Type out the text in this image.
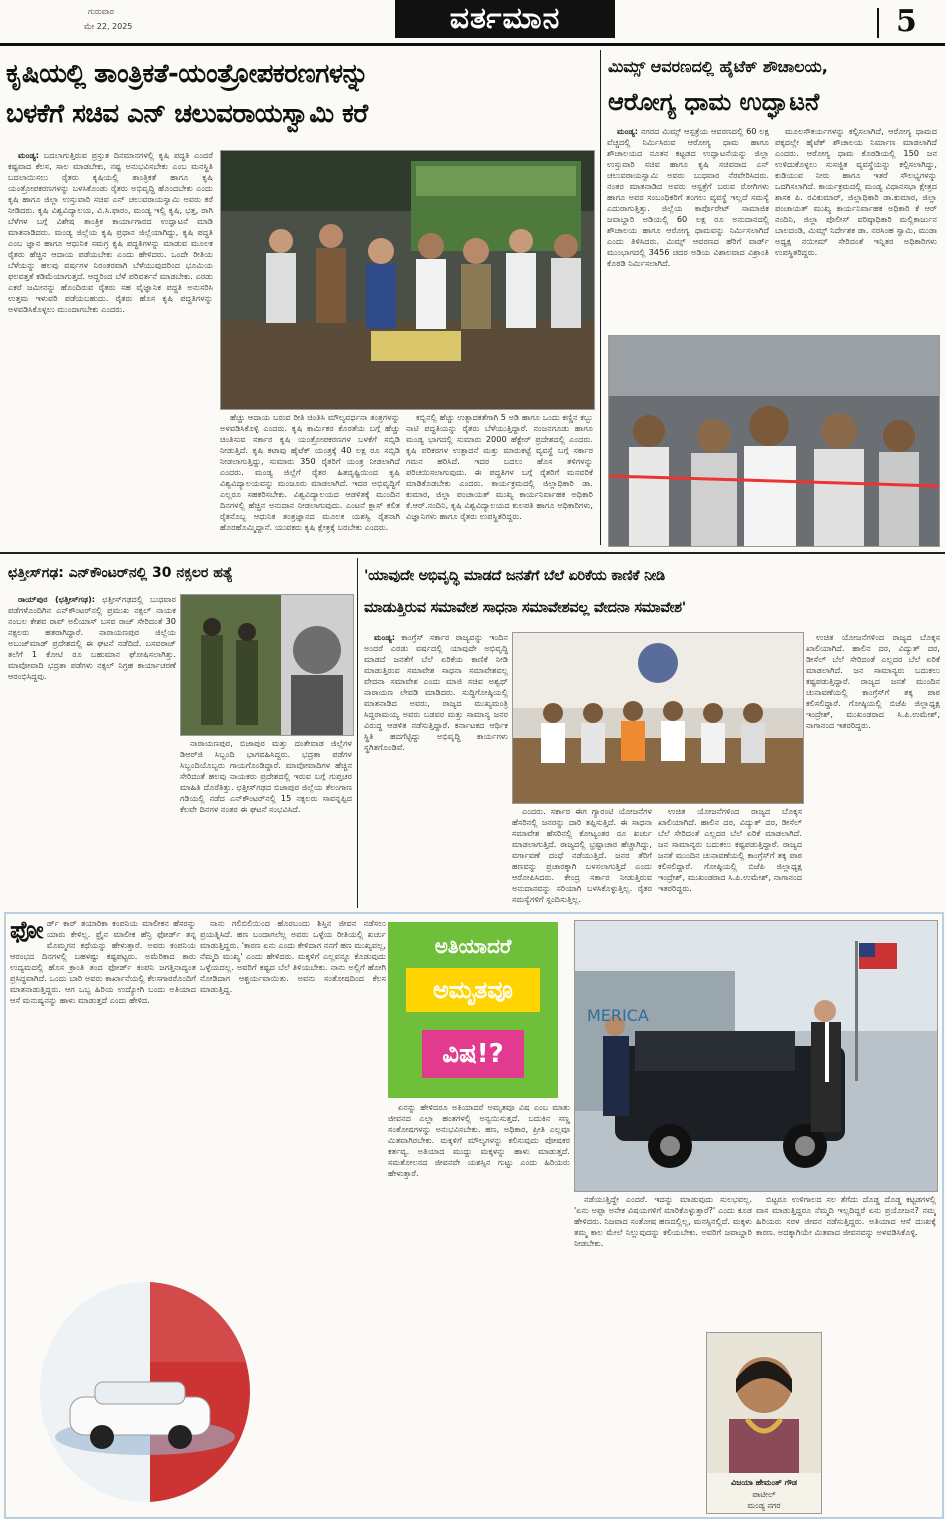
ಗುರುವಾರ
ಮೇ 22, 2025	ವರ್ತಮಾನ	5
ಕೃಷಿಯಲ್ಲಿ ತಾಂತ್ರಿಕತೆ-ಯಂತ್ರೋಪಕರಣಗಳನ್ನು
ಬಳಕೆಗೆ ಸಚಿವ ಎನ್ ಚಲುವರಾಯಸ್ವಾಮಿ ಕರೆ

ಮಂಡ್ಯ: ಬದಲಾಗುತ್ತಿರುವ ಪ್ರಸ್ತುತ ದಿನಮಾನಗಳಲ್ಲಿ ಕೃಷಿ ಪದ್ಧತಿ ಎಂದರೆ ಕಷ್ಟವಾದ ಕೆಲಸ, ಸಾಲ ಮಾಡಬೇಕು, ನಷ್ಟ ಅನುಭವಿಸಬೇಕು ಎಂಬ ಮನಸ್ಥಿತಿ ಬದಲಾಯಿಸಲು ರೈತರು ಕೃಷಿಯಲ್ಲಿ ತಾಂತ್ರಿಕತೆ ಹಾಗೂ ಕೃಷಿ ಯಂತ್ರೋಪಕರಣಗಳನ್ನು ಬಳಸಿಕೊಂಡು ರೈತರು ಅಭಿವೃದ್ಧಿ ಹೊಂದಬೇಕು ಎಂದು ಕೃಷಿ ಹಾಗೂ ಜಿಲ್ಲಾ ಉಸ್ತುವಾರಿ ಸಚಿವ ಎನ್ ಚಲುವರಾಯಸ್ವಾಮಿ ಅವರು ಕರೆ ನೀಡಿದರು. ಕೃಷಿ ವಿಶ್ವವಿದ್ಯಾಲಯ, ವಿ.ಸಿ.ಫಾರಂ, ಮಂಡ್ಯ ಇಲ್ಲಿ ಕೃಷಿ, ಭತ್ತ, ರಾಗಿ ಬೆಳೆಗಳ ಬಗ್ಗೆ ವಿಶೇಷ ತಾಂತ್ರಿಕ ಕಾರ್ಯಾಗಾರದ ಉದ್ಘಾಟನೆ ಮಾಡಿ ಮಾತನಾಡಿದರು. ಮಂಡ್ಯ ಜಿಲ್ಲೆಯ ಕೃಷಿ ಪ್ರಧಾನ ಜಿಲ್ಲೆಯಾಗಿದ್ದು, ಕೃಷಿ ಪದ್ಧತಿ ಎಂಬ ಜ್ಞಾನ ಹಾಗೂ ಆಧುನಿಕ ಸಮಗ್ರ ಕೃಷಿ ಪದ್ಧತಿಗಳನ್ನು ಮಾಡುವ ಮೂಲಕ ರೈತರು ಹೆಚ್ಚಿನ ಆದಾಯ ಪಡೆಯಬೇಕು ಎಂದು ಹೇಳಿದರು. ಒಂದೇ ರೀತಿಯ ಬೆಳೆಯನ್ನು ಹಲವು ವರ್ಷಗಳ ನಿರಂತರವಾಗಿ ಬೆಳೆಯುವುದರಿಂದ ಭೂಮಿಯ ಫಲವತ್ತತೆ ಕಡಿಮೆಯಾಗುತ್ತದೆ. ಆದ್ದರಿಂದ ಬೆಳೆ ಪರಿವರ್ತನೆ ಮಾಡಬೇಕು. ಎರಡು ಎಕರೆ ಜಮೀನನ್ನು ಹೊಂದಿರುವ ರೈತರು ಸಹ ವೈಜ್ಞಾನಿಕ ಪದ್ಧತಿ ಅನುಸರಿಸಿ ಉತ್ತಮ ಇಳುವರಿ ಪಡೆಯಬಹುದು. ರೈತರು ಹೊಸ ಕೃಷಿ ಪದ್ಧತಿಗಳನ್ನು ಅಳವಡಿಸಿಕೊಳ್ಳಲು ಮುಂದಾಗಬೇಕು ಎಂದರು.

ಹೆಚ್ಚು ಆದಾಯ ಬರುವ ರೀತಿ ಚಿಂತಿಸಿ ಮೌಲ್ಯವರ್ಧನಾ ತಂತ್ರಗಳನ್ನು ಅಳವಡಿಸಿಕೊಳ್ಳಿ ಎಂದರು. ಕೃಷಿ ಕಾರ್ಮಿಕರ ಕೊರತೆಯ ಬಗ್ಗೆ ಹೆಚ್ಚು ಚಿಂತಿಸುವ ಸರ್ಕಾರ ಕೃಷಿ ಯಂತ್ರೋಪಕರಣಗಳ ಬಳಕೆಗೆ ಸಬ್ಸಿಡಿ ನೀಡುತ್ತಿದೆ. ಕೃಷಿ ಕಟಾವು ಹೈಟೆಕ್ ಯಂತ್ರಕ್ಕೆ 40 ಲಕ್ಷ ರೂ ಸಬ್ಸಿಡಿ ನೀಡಲಾಗುತ್ತಿದ್ದು, ಸುಮಾರು 350 ರೈತರಿಗೆ ಯಂತ್ರ ನೀಡಲಾಗಿದೆ ಎಂದರು. ಮಂಡ್ಯ ಜಿಲ್ಲೆಗೆ ರೈತರ ಹಿತದೃಷ್ಟಿಯಿಂದ ಕೃಷಿ ವಿಶ್ವವಿದ್ಯಾಲಯವನ್ನು ಮಂಜೂರು ಮಾಡಲಾಗಿದೆ. ಇದರ ಅಭಿವೃದ್ಧಿಗೆ ಎಲ್ಲರೂ ಸಹಕರಿಸಬೇಕು. ವಿಶ್ವವಿದ್ಯಾಲಯದ ಆಡಳಿತಕ್ಕೆ ಮುಂದಿನ ದಿನಗಳಲ್ಲಿ ಹೆಚ್ಚಿನ ಅನುದಾನ ನೀಡಲಾಗುವುದು. ಎಂಟನೆ ಕ್ಲಾಸ್ ಕಲಿತ ರೈತನೊಬ್ಬ ಆಧುನಿಕ ತಂತ್ರಜ್ಞಾನದ ಮೂಲಕ ಯಶಸ್ವಿ ರೈತನಾಗಿ ಹೊರಹೊಮ್ಮಿದ್ದಾನೆ. ಯುವಕರು ಕೃಷಿ ಕ್ಷೇತ್ರಕ್ಕೆ ಬರಬೇಕು ಎಂದರು.

ಕಬ್ಬಿನಲ್ಲಿ ಹೆಚ್ಚು ಉತ್ಪಾದಕತೆಗಾಗಿ 5 ಅಡಿ ಹಾಗೂ ಒಂದು ಕಣ್ಣಿನ ಕಬ್ಬು ನಾಟಿ ಪದ್ಧತಿಯನ್ನು ರೈತರು ಬೆಳೆಯುತ್ತಿದ್ದಾರೆ. ನಂಜನಗೂಡು ಹಾಗೂ ಮಂಡ್ಯ ಭಾಗದಲ್ಲಿ ಸುಮಾರು 2000 ಹೆಕ್ಟೇರ್ ಪ್ರದೇಶದಲ್ಲಿ ಎಂದರು. ಕೃಷಿ ಪರಿಕರಗಳ ಉತ್ಪಾದನೆ ಮತ್ತು ಮಾರುಕಟ್ಟೆ ವ್ಯವಸ್ಥೆ ಬಗ್ಗೆ ಸರ್ಕಾರ ಗಮನ ಹರಿಸಿದೆ. ಇದರ ಬದಲು ಹೊಸ ತಳಿಗಳನ್ನು ಪರಿಚಯಿಸಲಾಗುವುದು. ಈ ಪದ್ಧತಿಗಳ ಬಗ್ಗೆ ರೈತರಿಗೆ ಮನವರಿಕೆ ಮಾಡಿಕೊಡಬೇಕು ಎಂದರು. ಕಾರ್ಯಕ್ರಮದಲ್ಲಿ ಜಿಲ್ಲಾಧಿಕಾರಿ ಡಾ. ಕುಮಾರ, ಜಿಲ್ಲಾ ಪಂಚಾಯತ್ ಮುಖ್ಯ ಕಾರ್ಯನಿರ್ವಾಹಕ ಅಧಿಕಾರಿ ಕೆ.ಆರ್.ನಂದಿನಿ, ಕೃಷಿ ವಿಶ್ವವಿದ್ಯಾಲಯದ ಕುಲಪತಿ ಹಾಗೂ ಅಧಿಕಾರಿಗಳು, ವಿಜ್ಞಾನಿಗಳು ಹಾಗೂ ರೈತರು ಉಪಸ್ಥಿತರಿದ್ದರು.

ಮಿಮ್ಸ್ ಆವರಣದಲ್ಲಿ ಹೈಟೆಕ್ ಶೌಚಾಲಯ,
ಆರೋಗ್ಯ ಧಾಮ ಉದ್ಘಾಟನೆ

ಮಂಡ್ಯ: ನಗರದ ಮಿಮ್ಸ್ ಆಸ್ಪತ್ರೆಯ ಆವರಣದಲ್ಲಿ 60 ಲಕ್ಷ ವೆಚ್ಚದಲ್ಲಿ ನಿರ್ಮಿಸಿರುವ ಆರೋಗ್ಯ ಧಾಮ ಹಾಗೂ ಶೌಚಾಲಯದ ನೂತನ ಕಟ್ಟಡದ ಉದ್ಘಾಟನೆಯನ್ನು ಜಿಲ್ಲಾ ಉಸ್ತುವಾರಿ ಸಚಿವ ಹಾಗೂ ಕೃಷಿ ಸಚಿವರಾದ ಎನ್ ಚಲುವರಾಯಸ್ವಾಮಿ ಅವರು ಬುಧವಾರ ನೆರವೇರಿಸಿದರು. ನಂತರ ಮಾತನಾಡಿದ ಅವರು ಆಸ್ಪತ್ರೆಗೆ ಬರುವ ರೋಗಿಗಳು ಹಾಗೂ ಅವರ ಸಂಬಂಧಿಕರಿಗೆ ತಂಗಲು ವ್ಯವಸ್ಥೆ ಇಲ್ಲದೆ ಸಮಸ್ಯೆ ಎದುರಾಗುತ್ತಿತ್ತು. ಜಿಲ್ಲೆಯ ಕಾರ್ಪೊರೇಟ್ ಸಾಮಾಜಿಕ ಜವಾಬ್ದಾರಿ ಅಡಿಯಲ್ಲಿ 60 ಲಕ್ಷ ರೂ ಅನುದಾನದಲ್ಲಿ ಶೌಚಾಲಯ ಹಾಗೂ ಆರೋಗ್ಯ ಧಾಮವನ್ನು ನಿರ್ಮಿಸಲಾಗಿದೆ ಎಂದು ತಿಳಿಸಿದರು. ಮಿಮ್ಸ್ ಆವರಣದ ಹೆರಿಗೆ ವಾರ್ಡ್ ಮುಂಭಾಗದಲ್ಲಿ 3456 ಚದರ ಅಡಿಯ ವಿಶಾಲವಾದ ವಿಶ್ರಾಂತಿ ಕೊಠಡಿ ನಿರ್ಮಿಸಲಾಗಿದೆ.

ಮೂಲಸೌಕರ್ಯಗಳನ್ನು ಕಲ್ಪಿಸಲಾಗಿದೆ, ಆರೋಗ್ಯ ಧಾಮದ ಪಕ್ಕದಲ್ಲೇ ಹೈಟೆಕ್ ಶೌಚಾಲಯ ನಿರ್ಮಾಣ ಮಾಡಲಾಗಿದೆ ಎಂದರು. ಆರೋಗ್ಯ ಧಾಮ ಕೊಠಡಿಯಲ್ಲಿ 150 ಜನ ಉಳಿದುಕೊಳ್ಳಲು ಸುಸಜ್ಜಿತ ವ್ಯವಸ್ಥೆಯನ್ನು ಕಲ್ಪಿಸಲಾಗಿದ್ದು, ಕುಡಿಯುವ ನೀರು ಹಾಗೂ ಇತರೆ ಸೌಲಭ್ಯಗಳನ್ನು ಒದಗಿಸಲಾಗಿದೆ. ಕಾರ್ಯಕ್ರಮದಲ್ಲಿ ಮಂಡ್ಯ ವಿಧಾನಸಭಾ ಕ್ಷೇತ್ರದ ಶಾಸಕ ಪಿ. ರವಿಕುಮಾರ್, ಜಿಲ್ಲಾಧಿಕಾರಿ ಡಾ.ಕುಮಾರ, ಜಿಲ್ಲಾ ಪಂಚಾಯತ್ ಮುಖ್ಯ ಕಾರ್ಯನಿರ್ವಾಹಕ ಅಧಿಕಾರಿ ಕೆ ಆರ್ ನಂದಿನಿ, ಜಿಲ್ಲಾ ಪೊಲೀಸ್ ವರಿಷ್ಠಾಧಿಕಾರಿ ಮಲ್ಲಿಕಾರ್ಜುನ ಬಾಲದಂಡಿ, ಮಿಮ್ಸ್ ನಿರ್ದೇಶಕ ಡಾ. ನರಸಿಂಹ ಸ್ವಾಮಿ, ಮುಡಾ ಅಧ್ಯಕ್ಷ ನಯೀಮ್ ಸೇರಿದಂತೆ ಇನ್ನಿತರ ಅಧಿಕಾರಿಗಳು ಉಪಸ್ಥಿತರಿದ್ದರು.

ಛತ್ತೀಸ್‌ಗಢ: ಎನ್‌ಕೌಂಟರ್‌ನಲ್ಲಿ 30 ನಕ್ಸಲರ ಹತ್ಯೆ

ರಾಯ್‌ಪುರ (ಛತ್ತೀಸ್‌ಗಢ): ಛತ್ತೀಸ್‌ಗಢದಲ್ಲಿ ಬುಧವಾರ ಪಡೆಗಳೊಂದಿಗಿನ ಎನ್‌ಕೌಂಟರ್‌ನಲ್ಲಿ ಪ್ರಮುಖ ನಕ್ಸಲ್ ನಾಯಕ ನಂಬಲ ಕೇಶವ ರಾವ್ ಅಲಿಯಾಸ್ ಬಸವ ರಾಜ್ ಸೇರಿದಂತೆ 30 ನಕ್ಸಲರು ಹತರಾಗಿದ್ದಾರೆ. ನಾರಾಯಣಪುರ ಜಿಲ್ಲೆಯ ಅಬುಜ್‌ಮಾಡ್ ಪ್ರದೇಶದಲ್ಲಿ ಈ ಘಟನೆ ನಡೆದಿದೆ. ಬಸವರಾಜ್ ತಲೆಗೆ 1 ಕೋಟಿ ರೂ ಬಹುಮಾನ ಘೋಷಿಸಲಾಗಿತ್ತು. ಮಾವೋವಾದಿ ಭದ್ರತಾ ಪಡೆಗಳು ನಕ್ಸಲ್ ನಿಗ್ರಹ ಕಾರ್ಯಾಚರಣೆ ಆರಂಭಿಸಿದ್ದವು.

ನಾರಾಯಣಪುರ, ಬಿಜಾಪುರ ಮತ್ತು ದಂತೇವಾಡ ಜಿಲ್ಲೆಗಳ ಡಿಆರ್‌ಜಿ ಸಿಬ್ಬಂದಿ ಭಾಗವಹಿಸಿದ್ದರು. ಭದ್ರತಾ ಪಡೆಗಳ ಸಿಬ್ಬಂದಿಯೊಬ್ಬರು ಗಾಯಗೊಂಡಿದ್ದಾರೆ. ಮಾವೋವಾದಿಗಳ ಹೆಚ್ಚಿನ ಸೇರಿದಂತೆ ಹಲವು ನಾಯಕರು ಪ್ರದೇಶದಲ್ಲಿ ಇರುವ ಬಗ್ಗೆ ಗುಪ್ತಚರ ಮಾಹಿತಿ ದೊರೆತಿತ್ತು. ಛತ್ತೀಸ್‌ಗಢದ ಬಿಜಾಪುರ ಜಿಲ್ಲೆಯ ತೆಲಂಗಾಣ ಗಡಿಯಲ್ಲಿ ನಡೆದ ಎನ್‌ಕೌಂಟರ್‌ನಲ್ಲಿ 15 ನಕ್ಸಲರು ಸಾವನ್ನಪ್ಪಿದ ಕೆಲವೇ ದಿನಗಳ ನಂತರ ಈ ಘಟನೆ ಸಂಭವಿಸಿದೆ.

'ಯಾವುದೇ ಅಭಿವೃದ್ಧಿ ಮಾಡದೆ ಜನತೆಗೆ ಬೆಲೆ ಏರಿಕೆಯ ಕಾಣಿಕೆ ನೀಡಿ
ಮಾಡುತ್ತಿರುವ ಸಮಾವೇಶ ಸಾಧನಾ ಸಮಾವೇಶವಲ್ಲ ವೇದನಾ ಸಮಾವೇಶ'

ಮಂಡ್ಯ: ಕಾಂಗ್ರೆಸ್ ಸರ್ಕಾರ ರಾಜ್ಯವನ್ನು ಇಂದಿನ ಅಂದರೆ ಎರಡು ವರ್ಷದಲ್ಲಿ ಯಾವುದೇ ಅಭಿವೃದ್ಧಿ ಮಾಡದೆ ಜನತೆಗೆ ಬೆಲೆ ಏರಿಕೆಯ ಕಾಣಿಕೆ ನೀಡಿ ಮಾಡುತ್ತಿರುವ ಸಮಾವೇಶ ಸಾಧನಾ ಸಮಾವೇಶವಲ್ಲ ವೇದನಾ ಸಮಾವೇಶ ಎಂದು ಮಾಜಿ ಸಚಿವ ಅಶ್ವಥ್ ನಾರಾಯಣ ಲೇವಡಿ ಮಾಡಿದರು. ಸುದ್ದಿಗೋಷ್ಠಿಯಲ್ಲಿ ಮಾತನಾಡಿದ ಅವರು, ರಾಜ್ಯದ ಮುಖ್ಯಮಂತ್ರಿ ಸಿದ್ದರಾಮಯ್ಯ ಅವರು ಬಡವರ ಮತ್ತು ಸಾಮಾನ್ಯ ಜನರ ವಿರುದ್ಧ ಆಡಳಿತ ನಡೆಸುತ್ತಿದ್ದಾರೆ. ಕರ್ನಾಟಕದ ಆರ್ಥಿಕ ಸ್ಥಿತಿ ಹದಗೆಟ್ಟಿದ್ದು ಅಭಿವೃದ್ಧಿ ಕಾರ್ಯಗಳು ಸ್ಥಗಿತಗೊಂಡಿವೆ.

ಎಂದರು. ಸರ್ಕಾರ ಈಗ ಗ್ಯಾರಂಟಿ ಯೋಜನೆಗಳ ಹೆಸರಿನಲ್ಲಿ ಜನರನ್ನು ದಾರಿ ತಪ್ಪಿಸುತ್ತಿದೆ. ಈ ಸಾಧನಾ ಸಮಾವೇಶ ಹೆಸರಿನಲ್ಲಿ ಕೋಟ್ಯಂತರ ರೂ ಖರ್ಚು ಮಾಡಲಾಗುತ್ತಿದೆ. ರಾಜ್ಯದಲ್ಲಿ ಭ್ರಷ್ಟಾಚಾರ ಹೆಚ್ಚಾಗಿದ್ದು, ವರ್ಗಾವಣೆ ದಂಧೆ ನಡೆಯುತ್ತಿದೆ. ಜನರ ತೆರಿಗೆ ಹಣವನ್ನು ಪ್ರಚಾರಕ್ಕಾಗಿ ಬಳಸಲಾಗುತ್ತಿದೆ ಎಂದು ಆರೋಪಿಸಿದರು. ಕೇಂದ್ರ ಸರ್ಕಾರ ನೀಡುತ್ತಿರುವ ಅನುದಾನವನ್ನು ಸರಿಯಾಗಿ ಬಳಸಿಕೊಳ್ಳುತ್ತಿಲ್ಲ. ರೈತರ ಸಮಸ್ಯೆಗಳಿಗೆ ಸ್ಪಂದಿಸುತ್ತಿಲ್ಲ.

ಉಚಿತ ಯೋಜನೆಗಳಿಂದ ರಾಜ್ಯದ ಬೊಕ್ಕಸ ಖಾಲಿಯಾಗಿದೆ. ಹಾಲಿನ ದರ, ವಿದ್ಯುತ್ ದರ, ಡೀಸೆಲ್ ಬೆಲೆ ಸೇರಿದಂತೆ ಎಲ್ಲದರ ಬೆಲೆ ಏರಿಕೆ ಮಾಡಲಾಗಿದೆ. ಜನ ಸಾಮಾನ್ಯರು ಬದುಕಲು ಕಷ್ಟಪಡುತ್ತಿದ್ದಾರೆ. ರಾಜ್ಯದ ಜನತೆ ಮುಂದಿನ ಚುನಾವಣೆಯಲ್ಲಿ ಕಾಂಗ್ರೆಸ್‌ಗೆ ತಕ್ಕ ಪಾಠ ಕಲಿಸಲಿದ್ದಾರೆ. ಗೋಷ್ಠಿಯಲ್ಲಿ ಬಿಜೆಪಿ ಜಿಲ್ಲಾಧ್ಯಕ್ಷ ಇಂದ್ರೇಶ್, ಮುಖಂಡರಾದ ಸಿ.ಪಿ.ಉಮೇಶ್, ನಾಗಾನಂದ ಇತರರಿದ್ದರು.

ಉಚಿತ ಯೋಜನೆಗಳಿಂದ ರಾಜ್ಯದ ಬೊಕ್ಕಸ ಖಾಲಿಯಾಗಿದೆ. ಹಾಲಿನ ದರ, ವಿದ್ಯುತ್ ದರ, ಡೀಸೆಲ್ ಬೆಲೆ ಸೇರಿದಂತೆ ಎಲ್ಲದರ ಬೆಲೆ ಏರಿಕೆ ಮಾಡಲಾಗಿದೆ. ಜನ ಸಾಮಾನ್ಯರು ಬದುಕಲು ಕಷ್ಟಪಡುತ್ತಿದ್ದಾರೆ. ರಾಜ್ಯದ ಜನತೆ ಮುಂದಿನ ಚುನಾವಣೆಯಲ್ಲಿ ಕಾಂಗ್ರೆಸ್‌ಗೆ ತಕ್ಕ ಪಾಠ ಕಲಿಸಲಿದ್ದಾರೆ. ಗೋಷ್ಠಿಯಲ್ಲಿ ಬಿಜೆಪಿ ಜಿಲ್ಲಾಧ್ಯಕ್ಷ ಇಂದ್ರೇಶ್, ಮುಖಂಡರಾದ ಸಿ.ಪಿ.ಉಮೇಶ್, ನಾಗಾನಂದ ಇತರರಿದ್ದರು.

ಫೋರ್ಡ್ ಕಾರ್ ತಯಾರಿಕಾ ಕಂಪನಿಯ ಮಾಲೀಕನ ಹೆಸರನ್ನು ಯಾರು ಕೇಳಿಲ್ಲ. ಫ್ರೈನ ಮಾಲೀಕ ಹೆನ್ರಿ ಫೋರ್ಡ್ ತನ್ನ ಮೊಮ್ಮಗನ ಕಥೆಯನ್ನು ಹೇಳುತ್ತಾರೆ. ಅವರು ಕಂಪನಿಯ ಆರಂಭದ ದಿನಗಳಲ್ಲಿ ಬಹಳಷ್ಟು ಕಷ್ಟಪಟ್ಟರು. ಅಮೆರಿಕಾದ ಕಾರು ಉದ್ಯಮದಲ್ಲಿ ಹೊಸ ಕ್ರಾಂತಿ ತಂದ ಫೋರ್ಡ್ ಕಂಪನಿ ಜಗತ್ತಿನಾದ್ಯಂತ ಪ್ರಸಿದ್ಧವಾಗಿದೆ. ಒಂದು ಬಾರಿ ಅವರು ಕಾರ್ಖಾನೆಯಲ್ಲಿ ಕೆಲಸಗಾರರೊಂದಿಗೆ ಮಾತನಾಡುತ್ತಿದ್ದರು. ಆಗ ಒಬ್ಬ ಹಿರಿಯ ಉದ್ಯೋಗಿ ಬಂದು ಅತಿಯಾದ ಆಸೆ ಮನುಷ್ಯನನ್ನು ಹಾಳು ಮಾಡುತ್ತದೆ ಎಂದು ಹೇಳಿದ.

ನಾನು ಗಲಿಬಿಲಿಯಿಂದ ಹೊರಬಂದು ಶಿಸ್ತಿನ ಜೀವನ ನಡೆಸಲು ಪ್ರಯತ್ನಿಸಿದೆ. ಹಣ ಬಂದಾಗಲೆಲ್ಲ ಅವರು ಒಳ್ಳೆಯ ರೀತಿಯಲ್ಲಿ ಖರ್ಚು ಮಾಡುತ್ತಿದ್ದರು. 'ಕಾರಣ ಏನು ಎಂದು ಕೇಳಿದಾಗ ನನಗೆ ಹಣ ಮುಖ್ಯವಲ್ಲ, ನೆಮ್ಮದಿ ಮುಖ್ಯ' ಎಂದು ಹೇಳಿದರು. ಮಕ್ಕಳಿಗೆ ಎಲ್ಲವನ್ನೂ ಕೊಡುವುದು ಒಳ್ಳೆಯದಲ್ಲ. ಅವರಿಗೆ ಕಷ್ಟದ ಬೆಲೆ ತಿಳಿಯಬೇಕು. ನಾನು ಅಲ್ಲಿಗೆ ಹೋಗಿ ನೋಡಿದಾಗ ಆಶ್ಚರ್ಯವಾಯಿತು. ಅವನು ಸಂತೋಷದಿಂದ ಕೆಲಸ ಮಾಡುತ್ತಿದ್ದ.

ಅತಿಯಾದರೆ
ಅಮೃತವೂ
ವಿಷ!?

ಏನನ್ನು ಹೇಳಿದರೂ ಅತಿಯಾದರೆ ಅಮೃತವೂ ವಿಷ ಎಂಬ ಮಾತು ಜೀವನದ ಎಲ್ಲಾ ಹಂತಗಳಲ್ಲಿ ಅನ್ವಯಿಸುತ್ತದೆ. ಬದುಕಿನ ಸಣ್ಣ ಸಂತೋಷಗಳನ್ನು ಅನುಭವಿಸಬೇಕು. ಹಣ, ಅಧಿಕಾರ, ಪ್ರೀತಿ ಎಲ್ಲವೂ ಮಿತವಾಗಿರಬೇಕು. ಮಕ್ಕಳಿಗೆ ಮೌಲ್ಯಗಳನ್ನು ಕಲಿಸುವುದು ಪೋಷಕರ ಕರ್ತವ್ಯ. ಅತಿಯಾದ ಮುದ್ದು ಮಕ್ಕಳನ್ನು ಹಾಳು ಮಾಡುತ್ತದೆ. ಸಮತೋಲನದ ಜೀವನವೇ ಯಶಸ್ಸಿನ ಗುಟ್ಟು ಎಂದು ಹಿರಿಯರು ಹೇಳುತ್ತಾರೆ.

MERICA

ನಡೆಯುತ್ತಿದ್ದೇ ಎಂದರೆ. ಇದನ್ನು ಮಾಡುವುದು ಸುಲಭವಲ್ಲ. 'ಏನು ಅಪ್ಪಾ ಅನೇಕ ವಿಷಯಗಳಿಗೆ ಮಾರಿಕೊಳ್ಳುತ್ತಾರೆ?' ಎಂದು ಕೂಡ ಹೇಳಿದರು. ನಿಜವಾದ ಸಂತೋಷ ಹಣದಲ್ಲಿಲ್ಲ, ಮನಸ್ಸಿನಲ್ಲಿದೆ. ಮಕ್ಕಳು ತಮ್ಮ ಕಾಲ ಮೇಲೆ ನಿಲ್ಲುವುದನ್ನು ಕಲಿಯಬೇಕು. ಅವರಿಗೆ ಜವಾಬ್ದಾರಿ ನೀಡಬೇಕು.

ಬಿಟ್ಟರೂ ಉಳಿಗಾಲದ ಸಲ ತೆಗೆದು ದೊಡ್ಡ ದೊಡ್ಡ ಕಟ್ಟಡಗಳಲ್ಲಿ ವಾಸ ಮಾಡುತ್ತಿದ್ದರೂ ನೆಮ್ಮದಿ ಇಲ್ಲದಿದ್ದರೆ ಏನು ಪ್ರಯೋಜನ? ನಮ್ಮ ಹಿರಿಯರು ಸರಳ ಜೀವನ ನಡೆಸುತ್ತಿದ್ದರು. ಅತಿಯಾದ ಆಸೆ ದುಃಖಕ್ಕೆ ಕಾರಣ. ಅದಕ್ಕಾಗಿಯೇ ಮಿತವಾದ ಜೀವನವನ್ನು ಅಳವಡಿಸಿಕೊಳ್ಳಿ.

ವಿಜಯಾ ಹೇಮಂತ್ ಗೌಡ
ಪಾಟೀಲ್
ಮಂಡ್ಯ ನಗರ
